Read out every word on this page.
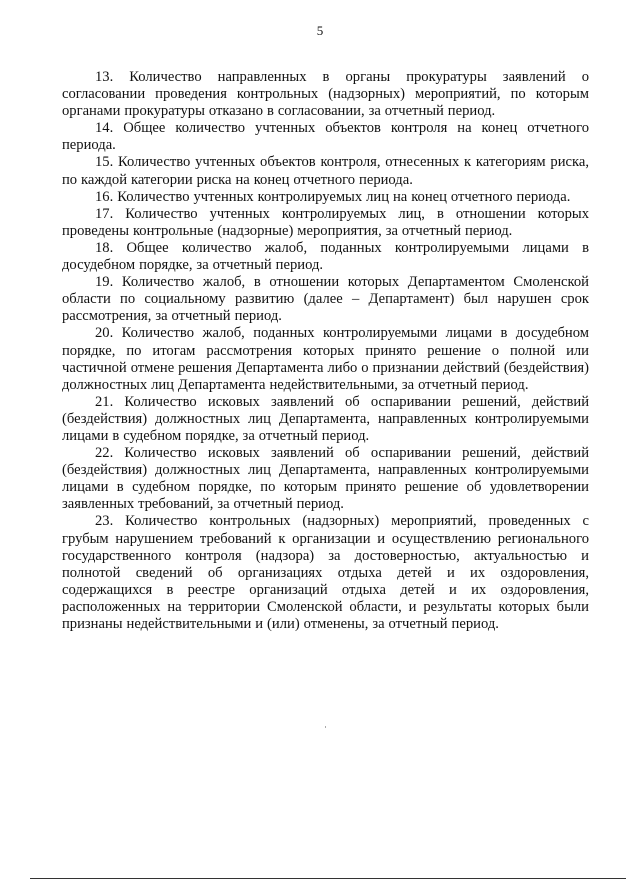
5

13. Количество направленных в органы прокуратуры заявлений о согласовании проведения контрольных (надзорных) мероприятий, по которым органами прокуратуры отказано в согласовании, за отчетный период.

14. Общее количество учтенных объектов контроля на конец отчетного периода.

15. Количество учтенных объектов контроля, отнесенных к категориям риска, по каждой категории риска на конец отчетного периода.

16. Количество учтенных контролируемых лиц на конец отчетного периода.

17. Количество учтенных контролируемых лиц, в отношении которых проведены контрольные (надзорные) мероприятия, за отчетный период.

18. Общее количество жалоб, поданных контролируемыми лицами в досудебном порядке, за отчетный период.

19. Количество жалоб, в отношении которых Департаментом Смоленской области по социальному развитию (далее – Департамент) был нарушен срок рассмотрения, за отчетный период.

20. Количество жалоб, поданных контролируемыми лицами в досудебном порядке, по итогам рассмотрения которых принято решение о полной или частичной отмене решения Департамента либо о признании действий (бездействия) должностных лиц Департамента недействительными, за отчетный период.

21. Количество исковых заявлений об оспаривании решений, действий (бездействия) должностных лиц Департамента, направленных контролируемыми лицами в судебном порядке, за отчетный период.

22. Количество исковых заявлений об оспаривании решений, действий (бездействия) должностных лиц Департамента, направленных контролируемыми лицами в судебном порядке, по которым принято решение об удовлетворении заявленных требований, за отчетный период.

23. Количество контрольных (надзорных) мероприятий, проведенных с грубым нарушением требований к организации и осуществлению регионального государственного контроля (надзора) за достоверностью, актуальностью и полнотой сведений об организациях отдыха детей и их оздоровления, содержащихся в реестре организаций отдыха детей и их оздоровления, расположенных на территории Смоленской области, и результаты которых были признаны недействительными и (или) отменены, за отчетный период.
